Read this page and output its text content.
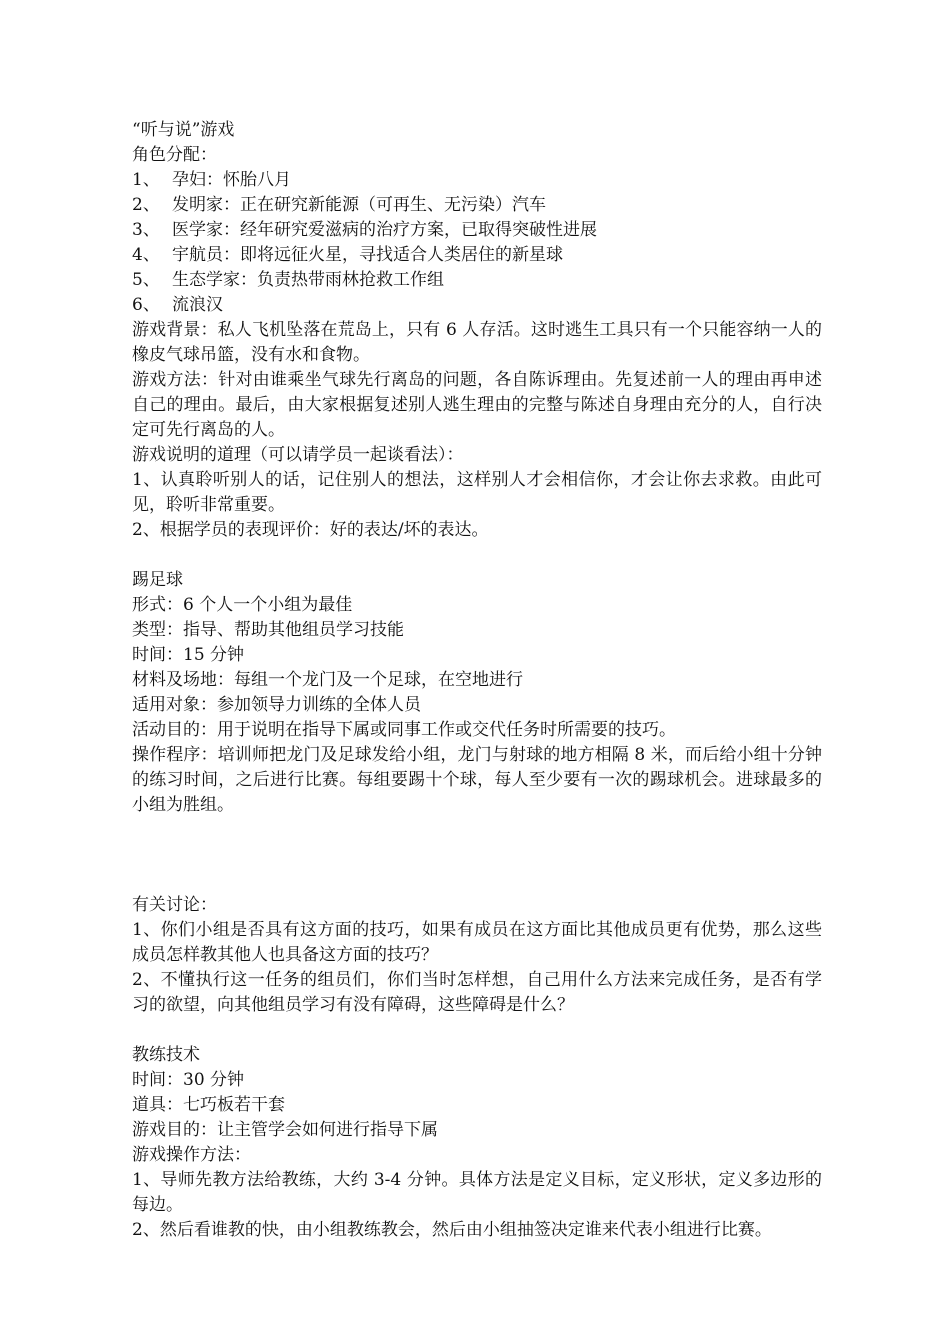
“听与说”游戏

角色分配：

1、 孕妇：怀胎八月

2、 发明家：正在研究新能源（可再生、无污染）汽车

3、 医学家：经年研究爱滋病的治疗方案，已取得突破性进展

4、 宇航员：即将远征火星，寻找适合人类居住的新星球

5、 生态学家：负责热带雨林抢救工作组

6、 流浪汉

游戏背景：私人飞机坠落在荒岛上，只有 6 人存活。这时逃生工具只有一个只能容纳一人的橡皮气球吊篮，没有水和食物。

游戏方法：针对由谁乘坐气球先行离岛的问题，各自陈诉理由。先复述前一人的理由再申述自己的理由。最后，由大家根据复述别人逃生理由的完整与陈述自身理由充分的人，自行决定可先行离岛的人。

游戏说明的道理（可以请学员一起谈看法）：

1、认真聆听别人的话，记住别人的想法，这样别人才会相信你，才会让你去求救。由此可见，聆听非常重要。

2、根据学员的表现评价：好的表达/坏的表达。

踢足球

形式：6 个人一个小组为最佳

类型：指导、帮助其他组员学习技能

时间：15 分钟

材料及场地：每组一个龙门及一个足球，在空地进行

适用对象：参加领导力训练的全体人员

活动目的：用于说明在指导下属或同事工作或交代任务时所需要的技巧。

操作程序：培训师把龙门及足球发给小组，龙门与射球的地方相隔 8 米，而后给小组十分钟的练习时间，之后进行比赛。每组要踢十个球，每人至少要有一次的踢球机会。进球最多的小组为胜组。

有关讨论：

1、你们小组是否具有这方面的技巧，如果有成员在这方面比其他成员更有优势，那么这些成员怎样教其他人也具备这方面的技巧？

2、不懂执行这一任务的组员们，你们当时怎样想，自己用什么方法来完成任务，是否有学习的欲望，向其他组员学习有没有障碍，这些障碍是什么？

教练技术

时间：30 分钟

道具：七巧板若干套

游戏目的：让主管学会如何进行指导下属

游戏操作方法：

1、导师先教方法给教练，大约 3-4 分钟。具体方法是定义目标，定义形状，定义多边形的每边。

2、然后看谁教的快，由小组教练教会，然后由小组抽签决定谁来代表小组进行比赛。
